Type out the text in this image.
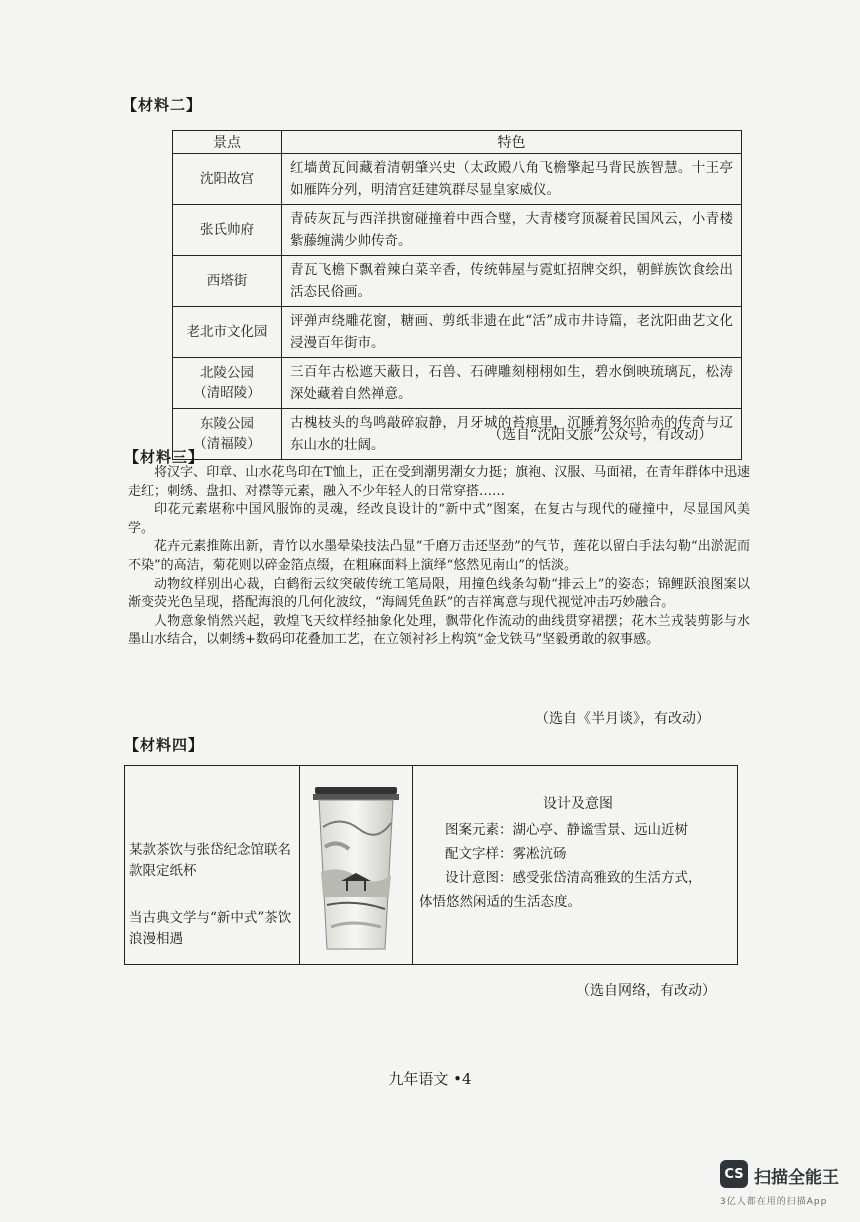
【材料二】
景点	特色
沈阳故宫	红墙黄瓦间藏着清朝肇兴史（太政殿八角飞檐擎起马背民族智慧。十王亭如雁阵分列，明清宫廷建筑群尽显皇家威仪。
张氏帅府	青砖灰瓦与西洋拱窗碰撞着中西合璧，大青楼穹顶凝着民国风云，小青楼紫藤缠满少帅传奇。
西塔街	青瓦飞檐下飘着辣白菜辛香，传统韩屋与霓虹招牌交织，朝鲜族饮食绘出活态民俗画。
老北市文化园	评弹声绕雕花窗，糖画、剪纸非遗在此“活”成市井诗篇，老沈阳曲艺文化浸漫百年街市。
北陵公园
（清昭陵）	三百年古松遮天蔽日，石兽、石碑雕刻栩栩如生，碧水倒映琉璃瓦，松涛深处藏着自然禅意。
东陵公园
（清福陵）	古槐枝头的鸟鸣敲碎寂静，月牙城的苔痕里，沉睡着努尔哈赤的传奇与辽东山水的壮阔。
（选自“沈阳文旅”公众号，有改动）
【材料三】

将汉字、印章、山水花鸟印在T恤上，正在受到潮男潮女力挺；旗袍、汉服、马面裙，在青年群体中迅速走红；刺绣、盘扣、对襟等元素，融入不少年轻人的日常穿搭……

印花元素堪称中国风服饰的灵魂，经改良设计的“新中式”图案，在复古与现代的碰撞中，尽显国风美学。

花卉元素推陈出新，青竹以水墨晕染技法凸显“千磨万击还坚劲”的气节，莲花以留白手法勾勒“出淤泥而不染”的高洁，菊花则以碎金箔点缀，在粗麻面料上演绎“悠然见南山”的恬淡。

动物纹样别出心裁，白鹤衔云纹突破传统工笔局限，用撞色线条勾勒“排云上”的姿态；锦鲤跃浪图案以渐变荧光色呈现，搭配海浪的几何化波纹，“海阔凭鱼跃”的吉祥寓意与现代视觉冲击巧妙融合。

人物意象悄然兴起，敦煌飞天纹样经抽象化处理，飘带化作流动的曲线贯穿裙摆；花木兰戎装剪影与水墨山水结合，以刺绣+数码印花叠加工艺，在立领衬衫上构筑“金戈铁马”坚毅勇敢的叙事感。

（选自《半月谈》，有改动）
【材料四】
某款茶饮与张岱纪念馆联名款限定纸杯
当古典文学与“新中式”茶饮浪漫相遇
设计及意图
图案元素：湖心亭、静谧雪景、远山近树
配文字样：雾凇沆砀
设计意图：感受张岱清高雅致的生活方式，
体悟悠然闲适的生活态度。
（选自网络，有改动）
九年语文 •4
CS 扫描全能王
3亿人都在用的扫描App
